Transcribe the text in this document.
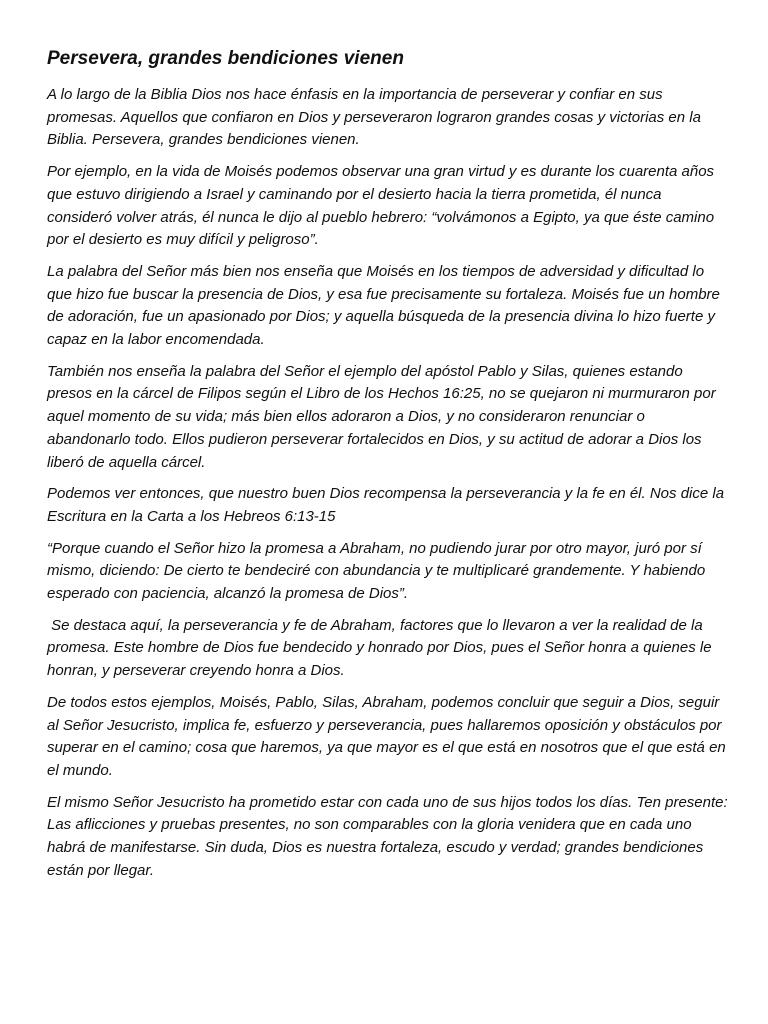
Persevera, grandes bendiciones vienen

A lo largo de la Biblia Dios nos hace énfasis en la importancia de perseverar y confiar en sus promesas. Aquellos que confiaron en Dios y perseveraron lograron grandes cosas y victorias en la Biblia. Persevera, grandes bendiciones vienen.

Por ejemplo, en la vida de Moisés podemos observar una gran virtud y es durante los cuarenta años que estuvo dirigiendo a Israel y caminando por el desierto hacia la tierra prometida, él nunca consideró volver atrás, él nunca le dijo al pueblo hebrero: “volvámonos a Egipto, ya que éste camino por el desierto es muy difícil y peligroso”.

La palabra del Señor más bien nos enseña que Moisés en los tiempos de adversidad y dificultad lo que hizo fue buscar la presencia de Dios, y esa fue precisamente su fortaleza. Moisés fue un hombre de adoración, fue un apasionado por Dios; y aquella búsqueda de la presencia divina lo hizo fuerte y capaz en la labor encomendada.

También nos enseña la palabra del Señor el ejemplo del apóstol Pablo y Silas, quienes estando presos en la cárcel de Filipos según el Libro de los Hechos 16:25, no se quejaron ni murmuraron por aquel momento de su vida; más bien ellos adoraron a Dios, y no consideraron renunciar o abandonarlo todo. Ellos pudieron perseverar fortalecidos en Dios, y su actitud de adorar a Dios los liberó de aquella cárcel.

Podemos ver entonces, que nuestro buen Dios recompensa la perseverancia y la fe en él. Nos dice la Escritura en la Carta a los Hebreos 6:13-15

“Porque cuando el Señor hizo la promesa a Abraham, no pudiendo jurar por otro mayor, juró por sí mismo, diciendo: De cierto te bendeciré con abundancia y te multiplicaré grandemente. Y habiendo esperado con paciencia, alcanzó la promesa de Dios”.

Se destaca aquí, la perseverancia y fe de Abraham, factores que lo llevaron a ver la realidad de la promesa. Este hombre de Dios fue bendecido y honrado por Dios, pues el Señor honra a quienes le honran, y perseverar creyendo honra a Dios.

De todos estos ejemplos, Moisés, Pablo, Silas, Abraham, podemos concluir que seguir a Dios, seguir al Señor Jesucristo, implica fe, esfuerzo y perseverancia, pues hallaremos oposición y obstáculos por superar en el camino; cosa que haremos, ya que mayor es el que está en nosotros que el que está en el mundo.

El mismo Señor Jesucristo ha prometido estar con cada uno de sus hijos todos los días. Ten presente: Las aflicciones y pruebas presentes, no son comparables con la gloria venidera que en cada uno habrá de manifestarse. Sin duda, Dios es nuestra fortaleza, escudo y verdad; grandes bendiciones están por llegar.
